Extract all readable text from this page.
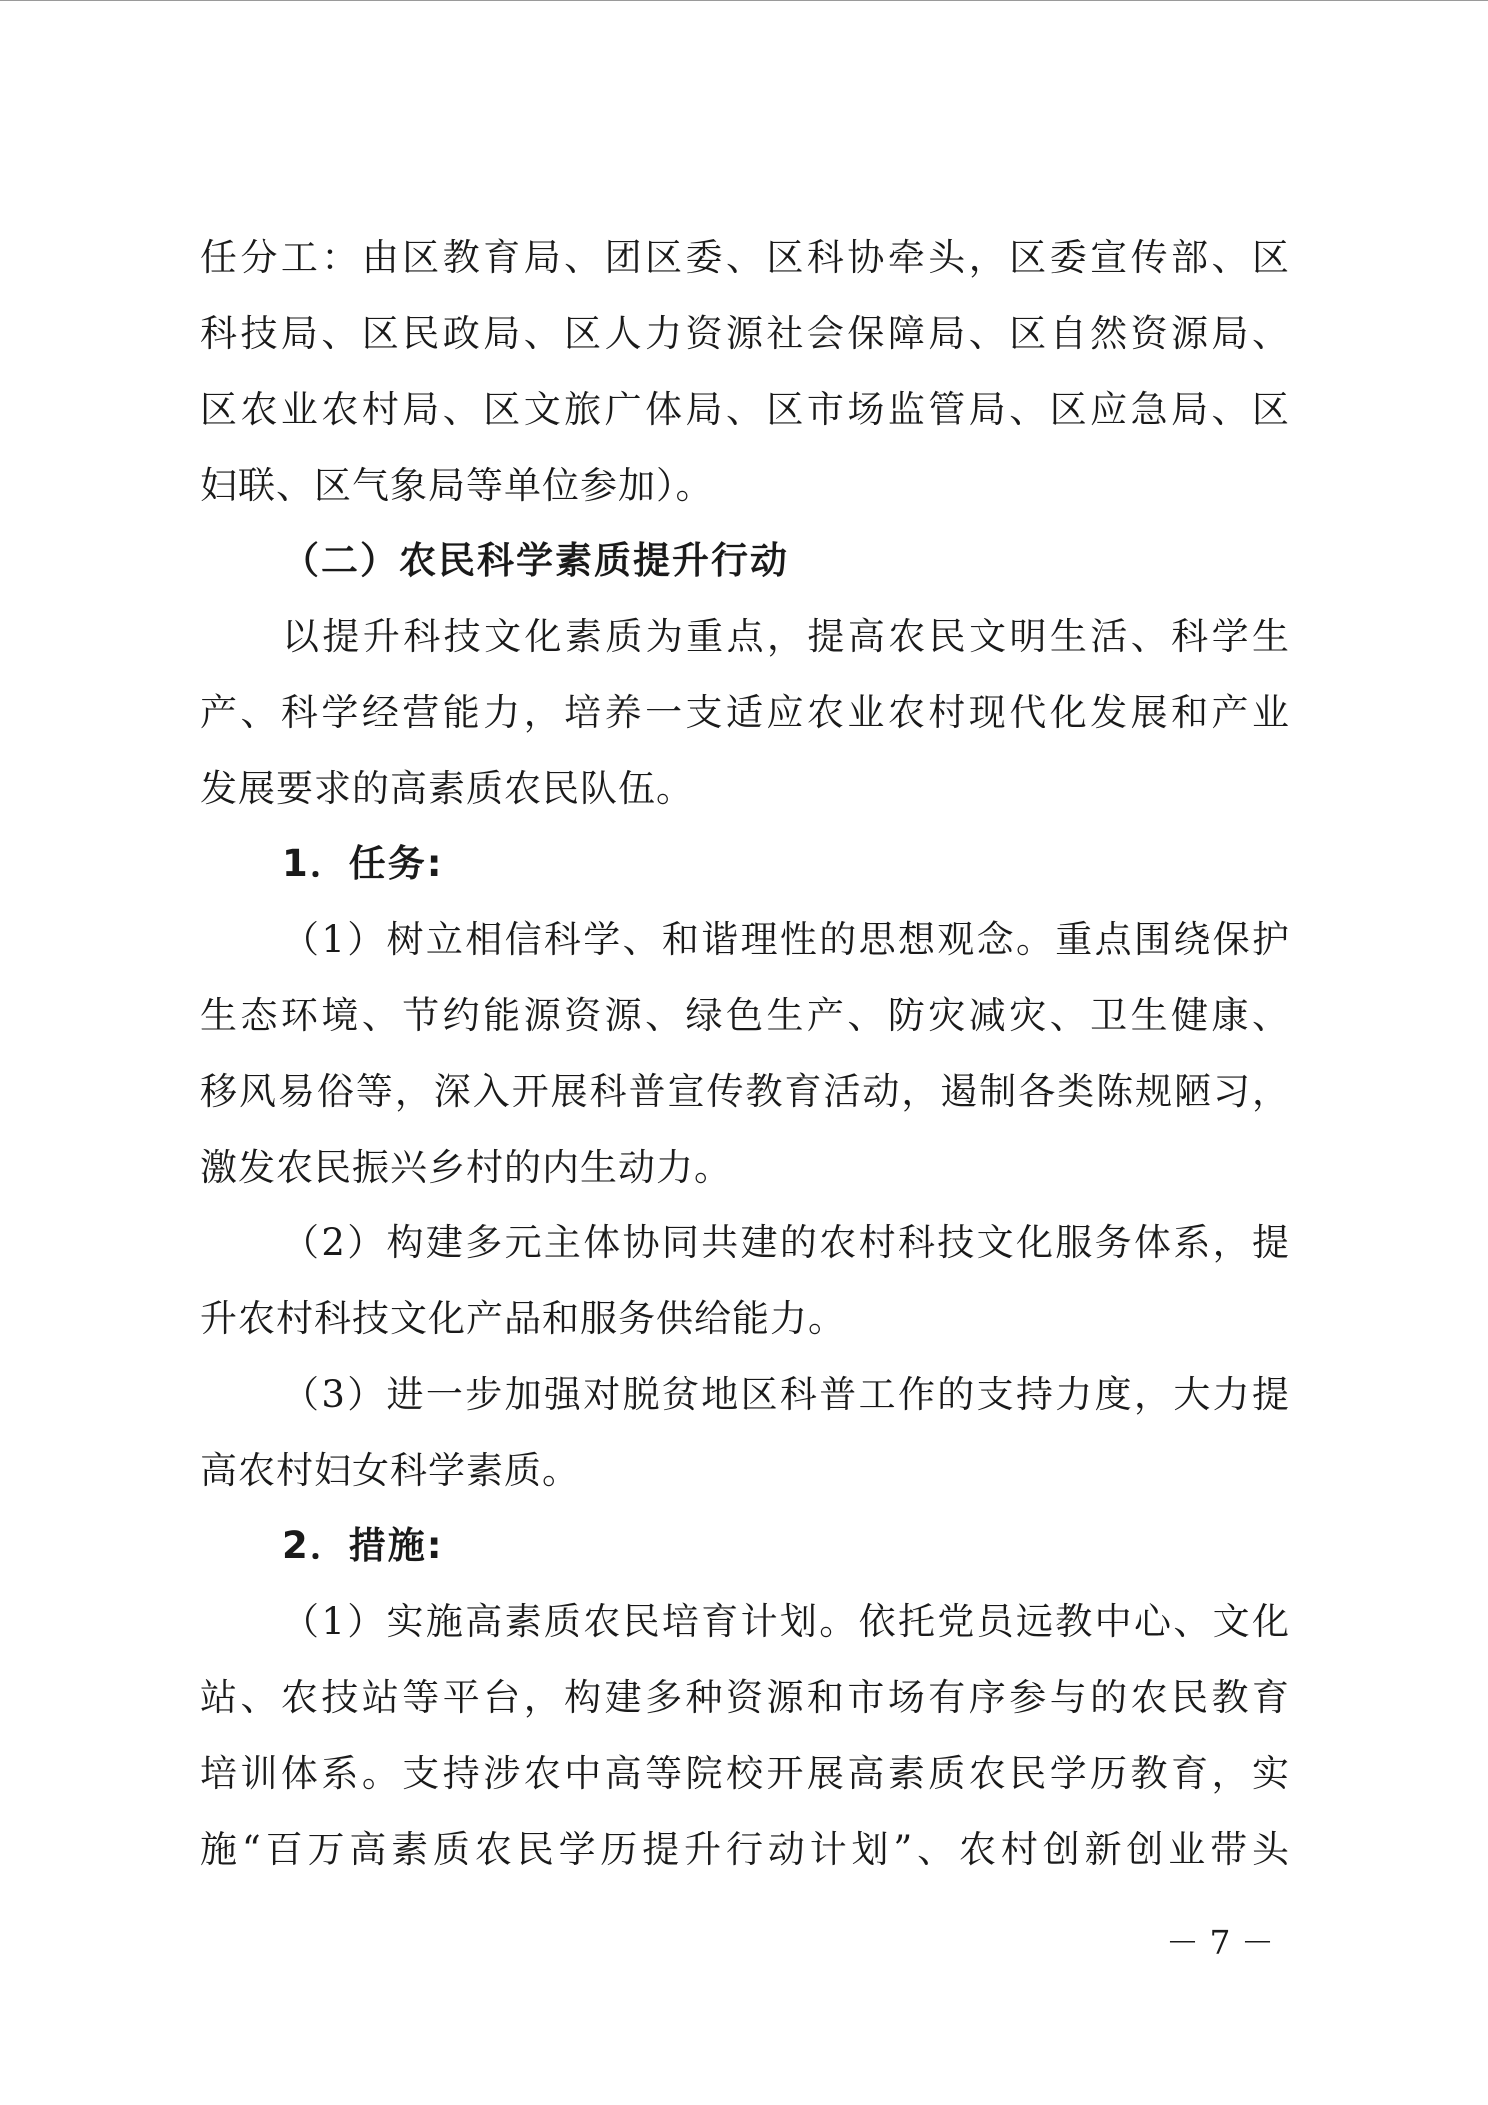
任分工：由区教育局、团区委、区科协牵头，区委宣传部、区
科技局、区民政局、区人力资源社会保障局、区自然资源局、
区农业农村局、区文旅广体局、区市场监管局、区应急局、区
妇联、区气象局等单位参加）。
（二）农民科学素质提升行动
以提升科技文化素质为重点，提高农民文明生活、科学生
产、科学经营能力，培养一支适应农业农村现代化发展和产业
发展要求的高素质农民队伍。
1．任务:
（1）树立相信科学、和谐理性的思想观念。重点围绕保护
生态环境、节约能源资源、绿色生产、防灾减灾、卫生健康、
移风易俗等，深入开展科普宣传教育活动，遏制各类陈规陋习，
激发农民振兴乡村的内生动力。
（2）构建多元主体协同共建的农村科技文化服务体系，提
升农村科技文化产品和服务供给能力。
（3）进一步加强对脱贫地区科普工作的支持力度，大力提
高农村妇女科学素质。
2．措施:
（1）实施高素质农民培育计划。依托党员远教中心、文化
站、农技站等平台，构建多种资源和市场有序参与的农民教育
培训体系。支持涉农中高等院校开展高素质农民学历教育，实
施“百万高素质农民学历提升行动计划”、农村创新创业带头
－ 7 －
